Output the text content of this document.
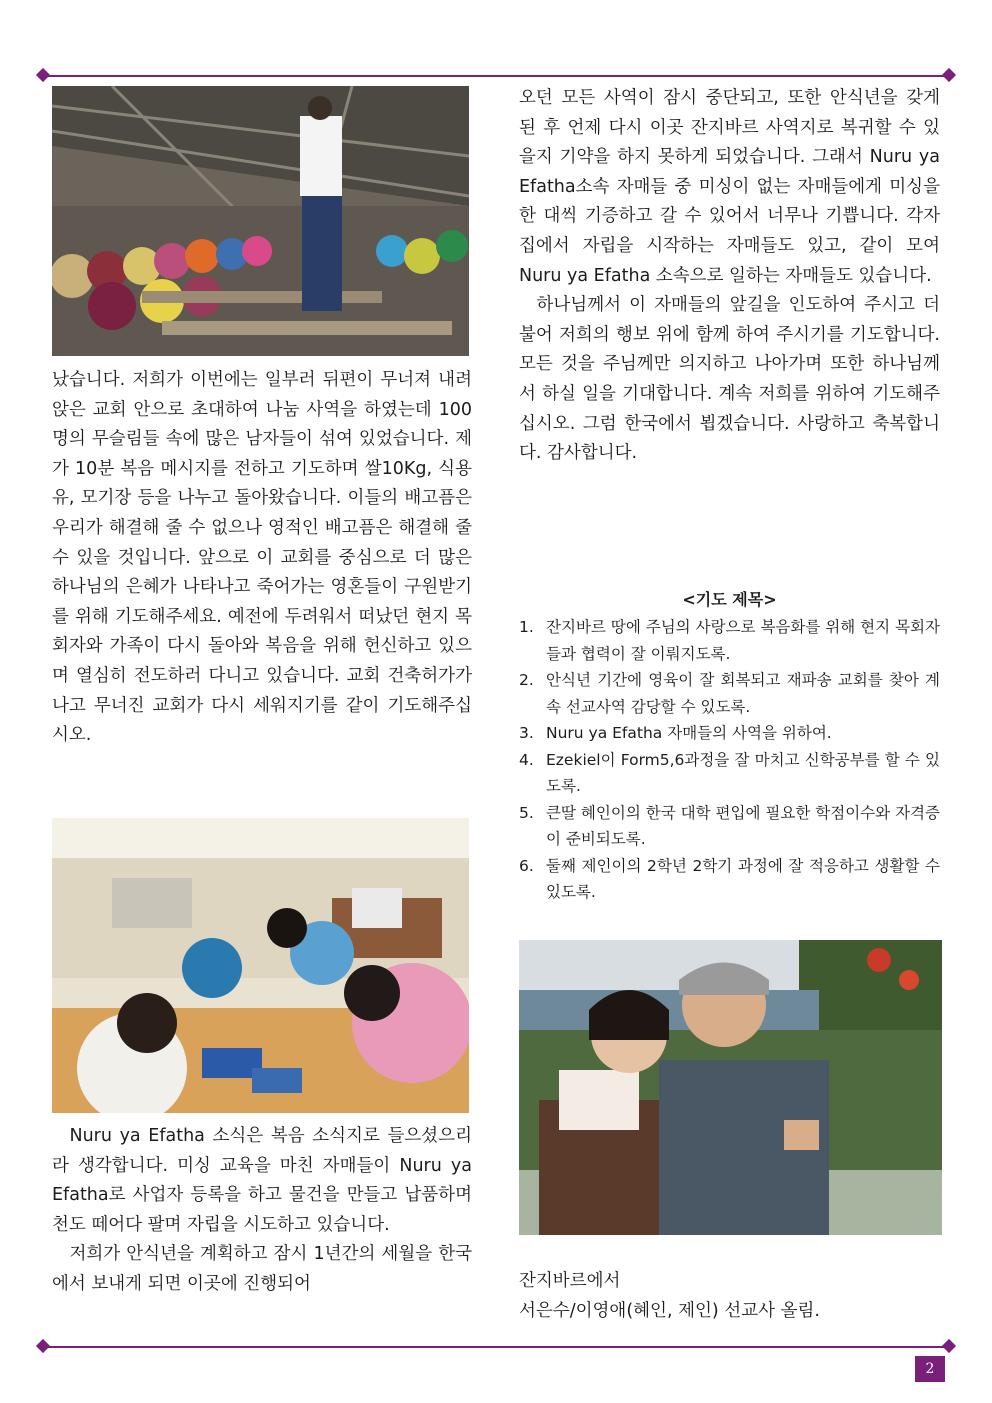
났습니다. 저희가 이번에는 일부러 뒤편이 무너져 내려앉은 교회 안으로 초대하여 나눔 사역을 하였는데 100명의 무슬림들 속에 많은 남자들이 섞여 있었습니다. 제가 10분 복음 메시지를 전하고 기도하며 쌀10Kg, 식용유, 모기장 등을 나누고 돌아왔습니다. 이들의 배고픔은 우리가 해결해 줄 수 없으나 영적인 배고픔은 해결해 줄 수 있을 것입니다. 앞으로 이 교회를 중심으로 더 많은 하나님의 은혜가 나타나고 죽어가는 영혼들이 구원받기를 위해 기도해주세요. 예전에 두려워서 떠났던 현지 목회자와 가족이 다시 돌아와 복음을 위해 헌신하고 있으며 열심히 전도하러 다니고 있습니다. 교회 건축허가가 나고 무너진 교회가 다시 세워지기를 같이 기도해주십시오.

Nuru ya Efatha 소식은 복음 소식지로 들으셨으리라 생각합니다. 미싱 교육을 마친 자매들이 Nuru ya Efatha로 사업자 등록을 하고 물건을 만들고 납품하며 천도 떼어다 팔며 자립을 시도하고 있습니다.

저희가 안식년을 계획하고 잠시 1년간의 세월을 한국에서 보내게 되면 이곳에 진행되어

오던 모든 사역이 잠시 중단되고, 또한 안식년을 갖게 된 후 언제 다시 이곳 잔지바르 사역지로 복귀할 수 있을지 기약을 하지 못하게 되었습니다. 그래서 Nuru ya Efatha소속 자매들 중 미싱이 없는 자매들에게 미싱을 한 대씩 기증하고 갈 수 있어서 너무나 기쁩니다. 각자 집에서 자립을 시작하는 자매들도 있고, 같이 모여 Nuru ya Efatha 소속으로 일하는 자매들도 있습니다.

하나님께서 이 자매들의 앞길을 인도하여 주시고 더불어 저희의 행보 위에 함께 하여 주시기를 기도합니다. 모든 것을 주님께만 의지하고 나아가며 또한 하나님께서 하실 일을 기대합니다. 계속 저희를 위하여 기도해주십시오. 그럼 한국에서 뵙겠습니다. 사랑하고 축복합니다. 감사합니다.

<기도 제목>
1. 잔지바르 땅에 주님의 사랑으로 복음화를 위해 현지 목회자들과 협력이 잘 이뤄지도록.
2. 안식년 기간에 영육이 잘 회복되고 재파송 교회를 찾아 계속 선교사역 감당할 수 있도록.
3. Nuru ya Efatha 자매들의 사역을 위하여.
4. Ezekiel이 Form5,6과정을 잘 마치고 신학공부를 할 수 있도록.
5. 큰딸 혜인이의 한국 대학 편입에 필요한 학점이수와 자격증이 준비되도록.
6. 둘째 제인이의 2학년 2학기 과정에 잘 적응하고 생활할 수 있도록.
잔지바르에서
서은수/이영애(혜인, 제인) 선교사 올림.
2
